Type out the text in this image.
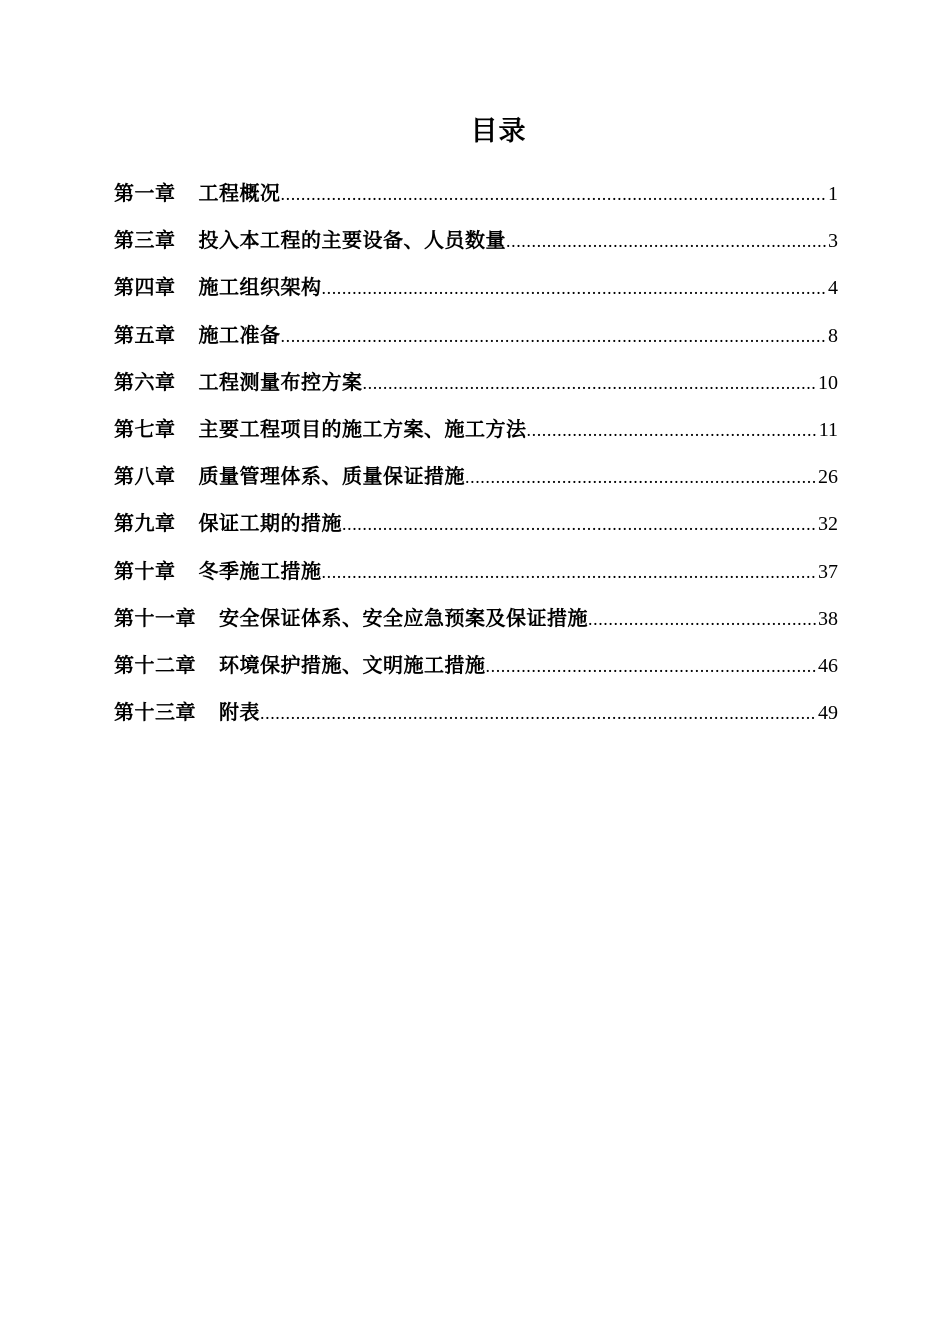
目录
第一章 工程概况 .....	1
第三章 投入本工程的主要设备、人员数量 .....	3
第四章 施工组织架构 .....	4
第五章 施工准备 .....	8
第六章 工程测量布控方案 .....	10
第七章 主要工程项目的施工方案、施工方法 .....	11
第八章 质量管理体系、质量保证措施 .....	26
第九章 保证工期的措施 .....	32
第十章 冬季施工措施 .....	37
第十一章 安全保证体系、安全应急预案及保证措施 .....	38
第十二章 环境保护措施、文明施工措施 .....	46
第十三章 附表 .....	49
